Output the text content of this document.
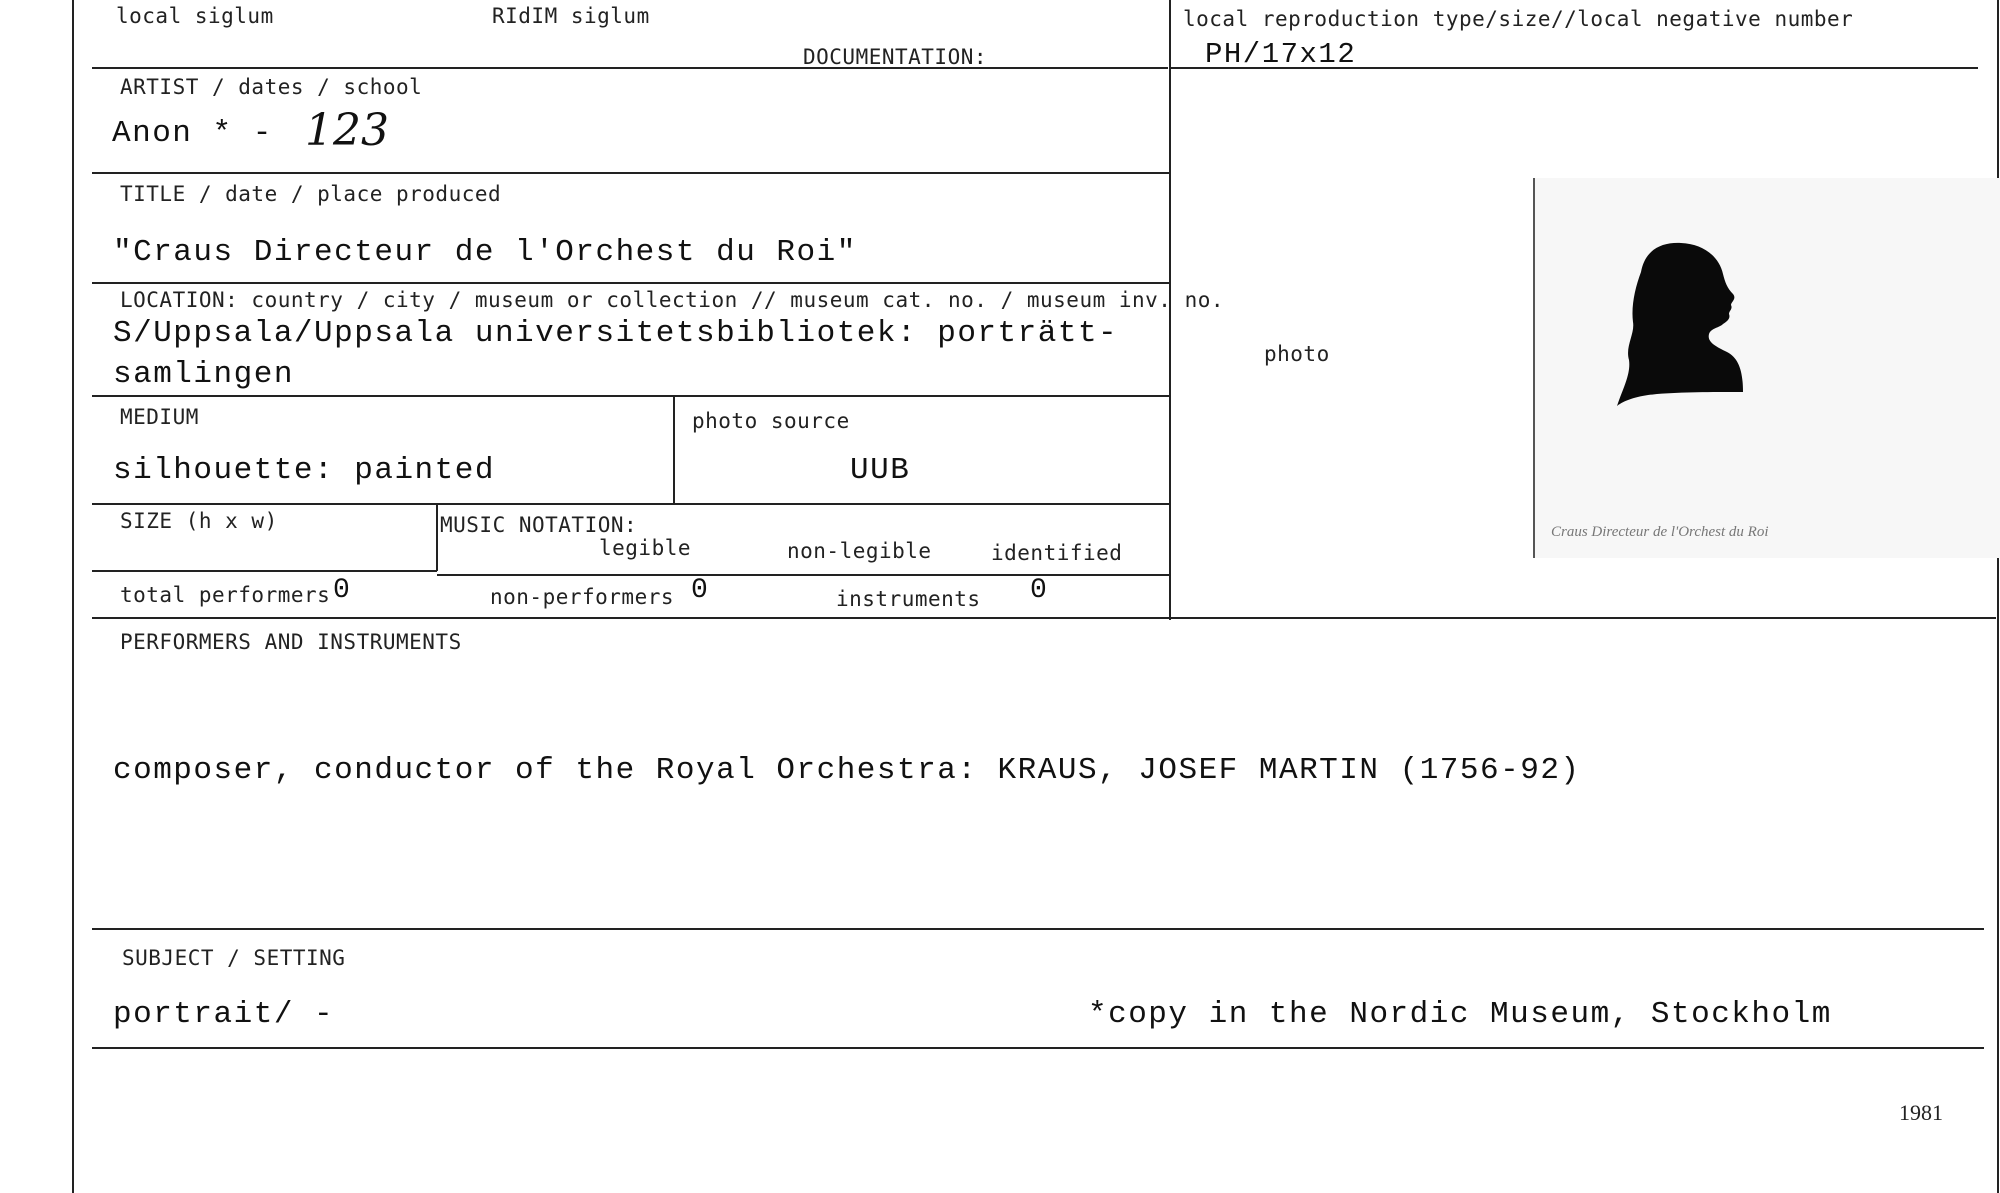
local siglum	RIdIM siglum
DOCUMENTATION:
local reproduction type/size//local negative number
PH/17x12
ARTIST / dates / school
Anon * - 123
TITLE / date / place produced
"Craus Directeur de l'Orchest du Roi"
LOCATION: country / city / museum or collection // museum cat. no. / museum inv. no.
S/Uppsala/Uppsala universitetsbibliotek: porträtt-
samlingen
MEDIUM
silhouette: painted
photo source
UUB
SIZE (h x w)	MUSIC NOTATION:
legible	non-legible	identified
total performers 0	non-performers 0	instruments 0
photo
Craus Directeur de l'Orchest du Roi
PERFORMERS AND INSTRUMENTS
composer, conductor of the Royal Orchestra: KRAUS, JOSEF MARTIN (1756-92)
SUBJECT / SETTING
portrait/ -	*copy in the Nordic Museum, Stockholm
1981
